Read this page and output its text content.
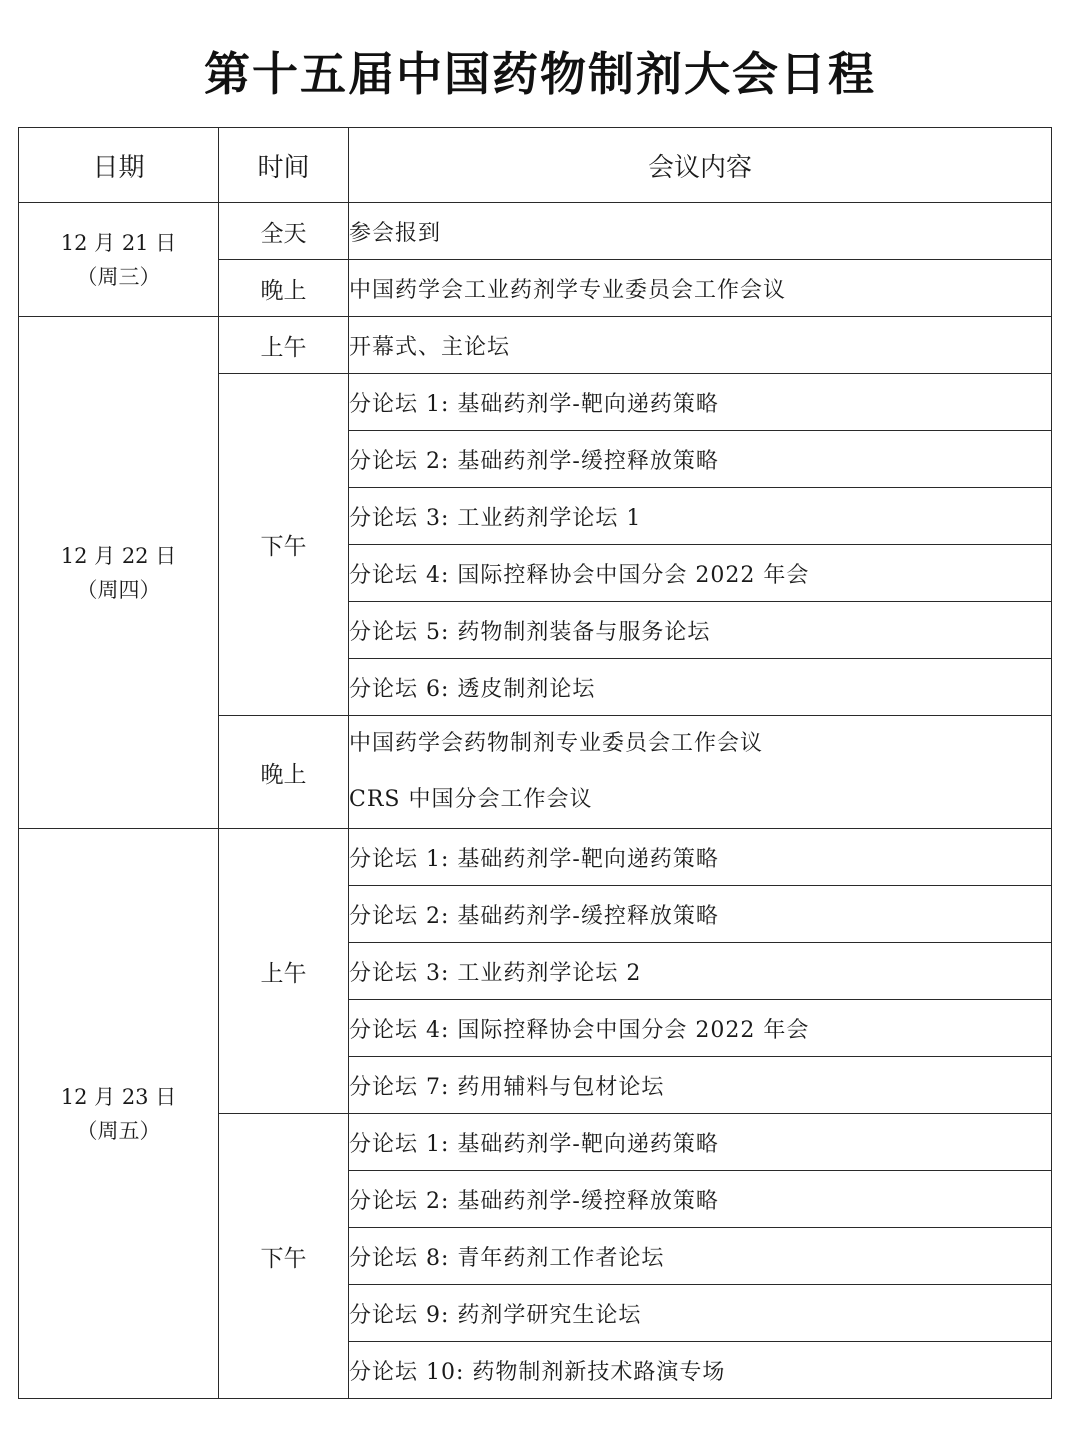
第十五届中国药物制剂大会日程
日期	时间	会议内容

12 月 21 日
（周三）	全天	参会报到
	晚上	中国药学会工业药剂学专业委员会工作会议

12 月 22 日
（周四）	上午	开幕式、主论坛
	下午	分论坛 1: 基础药剂学-靶向递药策略
		分论坛 2: 基础药剂学-缓控释放策略
		分论坛 3: 工业药剂学论坛 1
		分论坛 4: 国际控释协会中国分会 2022 年会
		分论坛 5: 药物制剂装备与服务论坛
		分论坛 6: 透皮制剂论坛
	晚上	中国药学会药物制剂专业委员会工作会议
CRS 中国分会工作会议

12 月 23 日
（周五）	上午	分论坛 1: 基础药剂学-靶向递药策略
		分论坛 2: 基础药剂学-缓控释放策略
		分论坛 3: 工业药剂学论坛 2
		分论坛 4: 国际控释协会中国分会 2022 年会
		分论坛 7: 药用辅料与包材论坛
	下午	分论坛 1: 基础药剂学-靶向递药策略
		分论坛 2: 基础药剂学-缓控释放策略
		分论坛 8: 青年药剂工作者论坛
		分论坛 9: 药剂学研究生论坛
		分论坛 10: 药物制剂新技术路演专场
